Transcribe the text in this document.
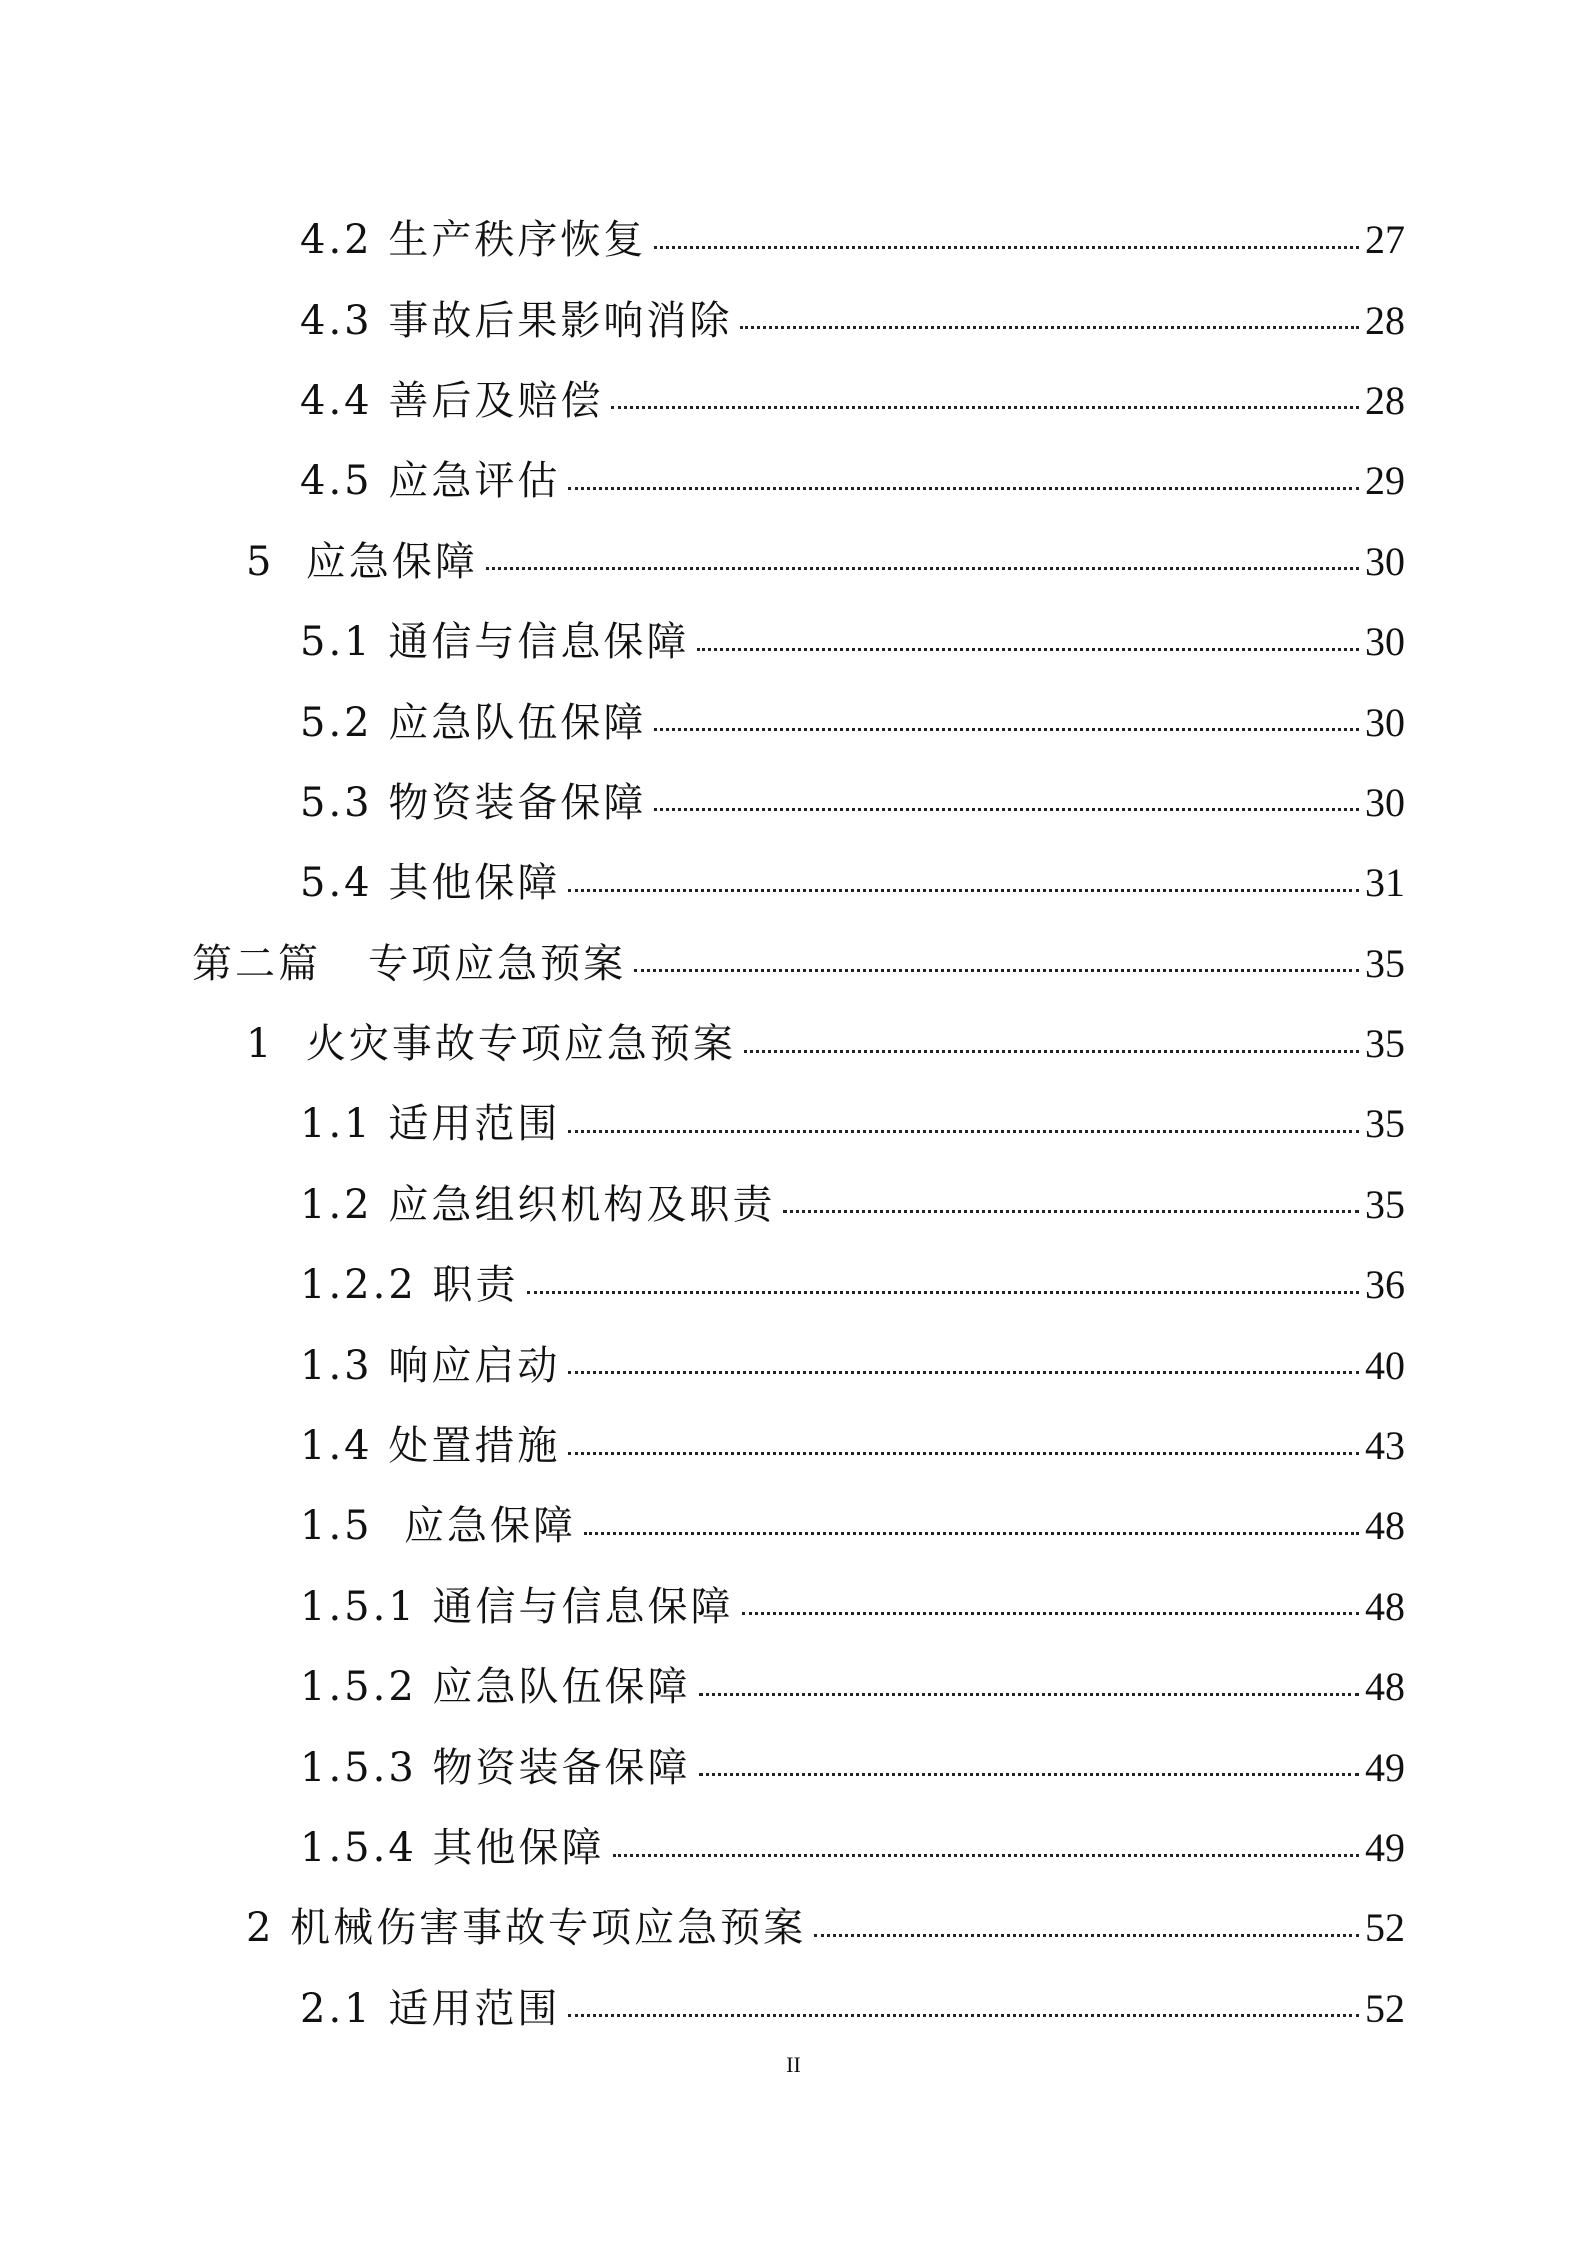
4.2 生产秩序恢复	27
4.3 事故后果影响消除	28
4.4 善后及赔偿	28
4.5 应急评估	29
5  应急保障	30
5.1 通信与信息保障	30
5.2 应急队伍保障	30
5.3 物资装备保障	30
5.4 其他保障	31
第二篇   专项应急预案	35
1  火灾事故专项应急预案	35
1.1 适用范围	35
1.2 应急组织机构及职责	35
1.2.2 职责	36
1.3 响应启动	40
1.4 处置措施	43
1.5  应急保障	48
1.5.1 通信与信息保障	48
1.5.2 应急队伍保障	48
1.5.3 物资装备保障	49
1.5.4 其他保障	49
2 机械伤害事故专项应急预案	52
2.1 适用范围	52
II
